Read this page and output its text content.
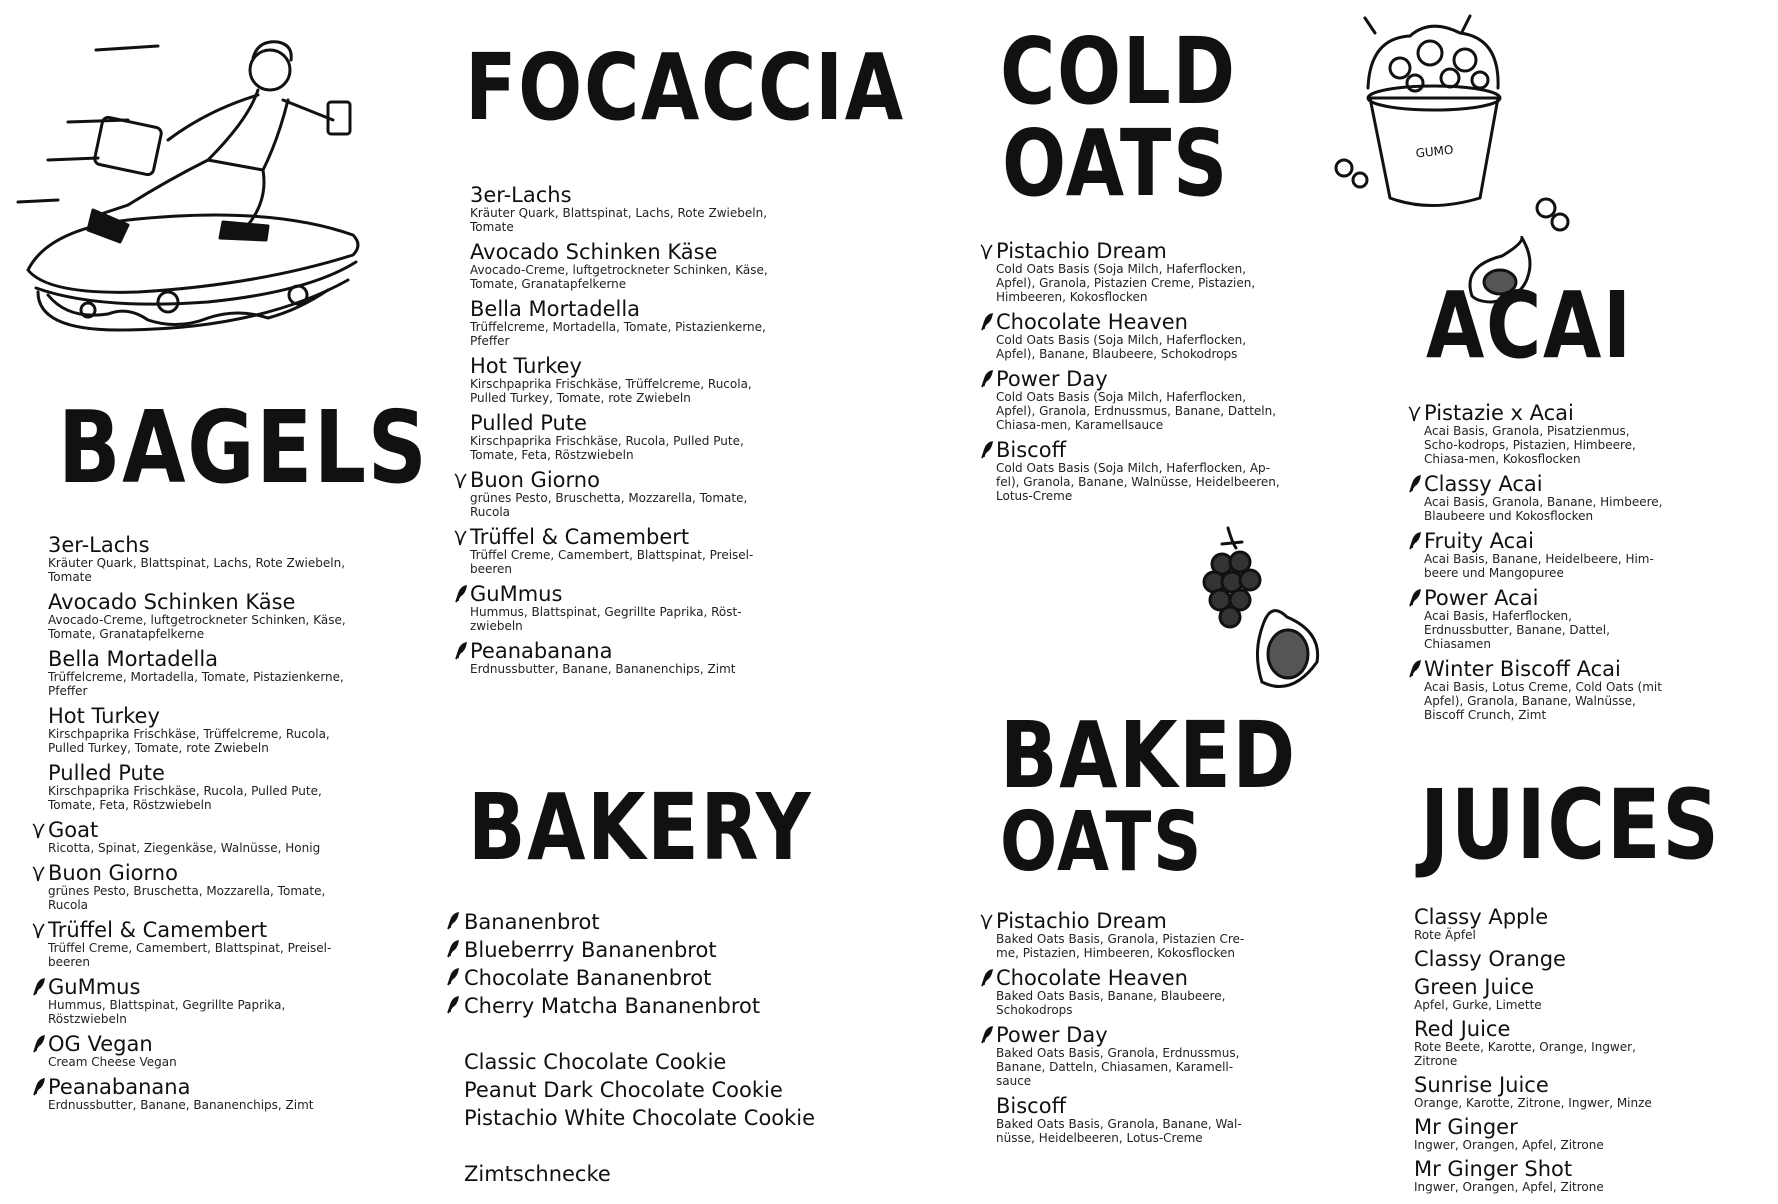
GUMO
FOCACCIA COLD
OATS
BAGELS
ACAI
BAKERY
BAKED
OATS JUICES
3er-Lachs
Kräuter Quark, Blattspinat, Lachs, Rote Zwiebeln, Tomate
Avocado Schinken Käse
Avocado-Creme, luftgetrockneter Schinken, Käse, Tomate, Granatapfelkerne
Bella Mortadella
Trüffelcreme, Mortadella, Tomate, Pistazienkerne, Pfeffer
Hot Turkey
Kirschpaprika Frischkäse, Trüffelcreme, Rucola, Pulled Turkey, Tomate, rote Zwiebeln
Pulled Pute
Kirschpaprika Frischkäse, Rucola, Pulled Pute, Tomate, Feta, Röstzwiebeln
Goat
Ricotta, Spinat, Ziegenkäse, Walnüsse, Honig
Buon Giorno
grünes Pesto, Bruschetta, Mozzarella, Tomate, Rucola
Trüffel & Camembert
Trüffel Creme, Camembert, Blattspinat, Preisel-beeren
GuMmus
Hummus, Blattspinat, Gegrillte Paprika, Röstzwiebeln
OG Vegan
Cream Cheese Vegan
Peanabanana
Erdnussbutter, Banane, Bananenchips, Zimt
3er-Lachs
Kräuter Quark, Blattspinat, Lachs, Rote Zwiebeln, Tomate
Avocado Schinken Käse
Avocado-Creme, luftgetrockneter Schinken, Käse, Tomate, Granatapfelkerne
Bella Mortadella
Trüffelcreme, Mortadella, Tomate, Pistazienkerne, Pfeffer
Hot Turkey
Kirschpaprika Frischkäse, Trüffelcreme, Rucola, Pulled Turkey, Tomate, rote Zwiebeln
Pulled Pute
Kirschpaprika Frischkäse, Rucola, Pulled Pute, Tomate, Feta, Röstzwiebeln
Buon Giorno
grünes Pesto, Bruschetta, Mozzarella, Tomate, Rucola
Trüffel & Camembert
Trüffel Creme, Camembert, Blattspinat, Preisel-beeren
GuMmus
Hummus, Blattspinat, Gegrillte Paprika, Röst-zwiebeln
Peanabanana
Erdnussbutter, Banane, Bananenchips, Zimt
Pistachio Dream
Cold Oats Basis (Soja Milch, Haferflocken, Apfel), Granola, Pistazien Creme, Pistazien, Himbeeren, Kokosflocken
Chocolate Heaven
Cold Oats Basis (Soja Milch, Haferflocken, Apfel), Banane, Blaubeere, Schokodrops
Power Day
Cold Oats Basis (Soja Milch, Haferflocken, Apfel), Granola, Erdnussmus, Banane, Datteln, Chiasa-men, Karamellsauce
Biscoff
Cold Oats Basis (Soja Milch, Haferflocken, Ap-fel), Granola, Banane, Walnüsse, Heidelbeeren, Lotus-Creme
Pistazie x Acai
Acai Basis, Granola, Pisatzienmus, Scho-kodrops, Pistazien, Himbeere, Chiasa-men, Kokosflocken
Classy Acai
Acai Basis, Granola, Banane, Himbeere, Blaubeere und Kokosflocken
Fruity Acai
Acai Basis, Banane, Heidelbeere, Him-beere und Mangopuree
Power Acai
Acai Basis, Haferflocken, Erdnussbutter, Banane, Dattel, Chiasamen
Winter Biscoff Acai
Acai Basis, Lotus Creme, Cold Oats (mit Apfel), Granola, Banane, Walnüsse, Biscoff Crunch, Zimt
Pistachio Dream
Baked Oats Basis, Granola, Pistazien Cre-me, Pistazien, Himbeeren, Kokosflocken
Chocolate Heaven
Baked Oats Basis, Banane, Blaubeere, Schokodrops
Power Day
Baked Oats Basis, Granola, Erdnussmus, Banane, Datteln, Chiasamen, Karamell-sauce
Biscoff
Baked Oats Basis, Granola, Banane, Wal-nüsse, Heidelbeeren, Lotus-Creme
Classy Apple
Rote Äpfel
Classy Orange
Green Juice
Apfel, Gurke, Limette
Red Juice
Rote Beete, Karotte, Orange, Ingwer, Zitrone
Sunrise Juice
Orange, Karotte, Zitrone, Ingwer, Minze
Mr Ginger
Ingwer, Orangen, Apfel, Zitrone
Mr Ginger Shot
Ingwer, Orangen, Apfel, Zitrone
Bananenbrot
Blueberrry Bananenbrot
Chocolate Bananenbrot
Cherry Matcha Bananenbrot
Classic Chocolate Cookie
Peanut Dark Chocolate Cookie
Pistachio White Chocolate Cookie
Zimtschnecke
